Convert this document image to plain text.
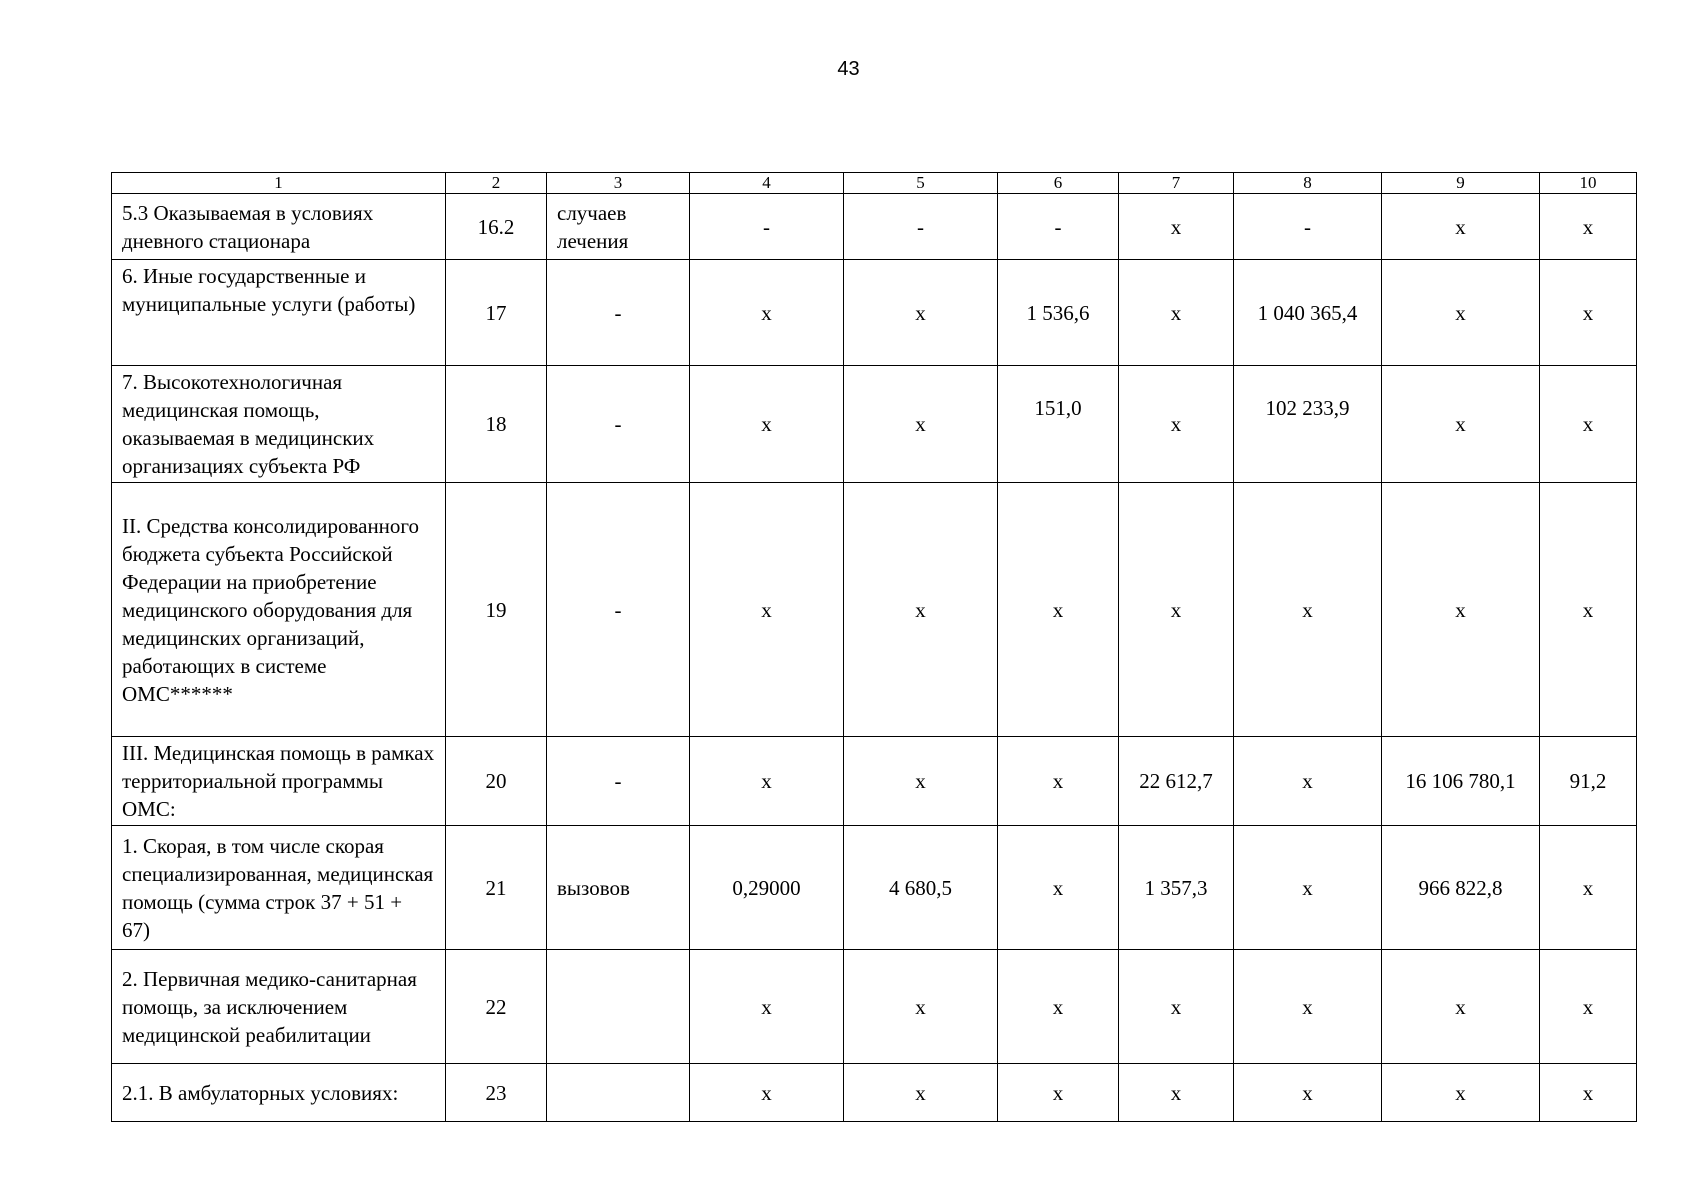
43
1	2	3	4	5	6	7	8	9	10
5.3 Оказываемая в условиях дневного стационара	16.2	случаев лечения	-	-	-	х	-	х	х
6. Иные государственные и муниципальные услуги (работы)	17	-	х	х	1 536,6	х	1 040 365,4	х	х
7. Высокотехнологичная медицинская помощь, оказываемая в медицинских организациях субъекта РФ	18	-	х	х	151,0	х	102 233,9	х	х
II. Средства консолидированного бюджета субъекта Российской Федерации на приобретение медицинского оборудования для медицинских организаций, работающих в системе ОМС******	19	-	х	х	х	х	х	х	х
III. Медицинская помощь в рамках территориальной программы ОМС:	20	-	х	х	х	22 612,7	х	16 106 780,1	91,2
1. Скорая, в том числе скорая специализированная, медицинская помощь (сумма строк 37 + 51 + 67)	21	вызовов	0,29000	4 680,5	х	1 357,3	х	966 822,8	х
2. Первичная медико-санитарная помощь, за исключением медицинской реабилитации	22		х	х	х	х	х	х	х
2.1. В амбулаторных условиях:	23		х	х	х	х	х	х	х
